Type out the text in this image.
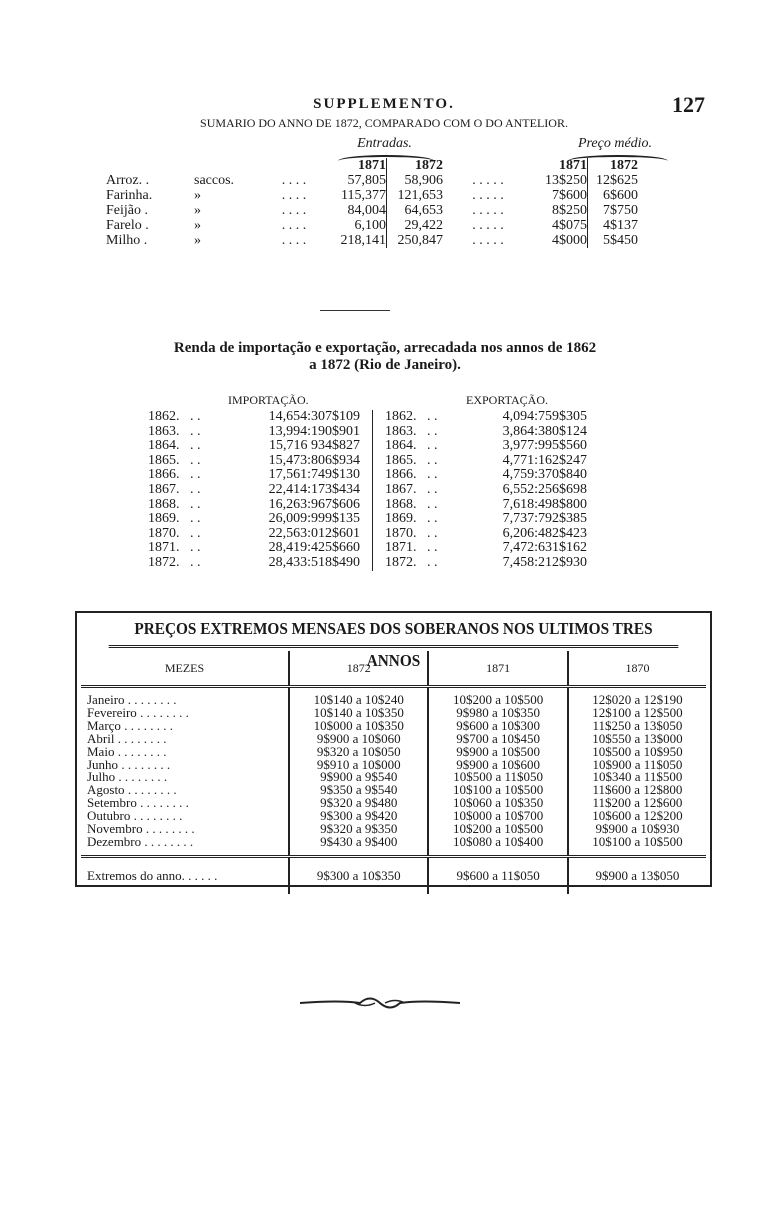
SUPPLEMENTO.	127
SUMARIO DO ANNO DE 1872, COMPARADO COM O DO ANTELIOR.
Entradas.	Preço médio.
			1871	1872		1871	1872
Arroz. .	saccos.	. . . .	57,805	58,906	. . . . .	13$250	12$625
Farinha.	»	. . . .	115,377	121,653	. . . . .	7$600	6$600
Feijão .	»	. . . .	84,004	64,653	. . . . .	8$250	7$750
Farelo .	»	. . . .	6,100	29,422	. . . . .	4$075	4$137
Milho .	»	. . . .	218,141	250,847	. . . . .	4$000	5$450
Renda de importação e exportação, arrecadada nos annos de 1862
a 1872 (Rio de Janeiro).
IMPORTAÇÃO.	EXPORTAÇÃO.
1862.	. .	14,654:307$109	1862.	. .	4,094:759$305
1863.	. .	13,994:190$901	1863.	. .	3,864:380$124
1864.	. .	15,716 934$827	1864.	. .	3,977:995$560
1865.	. .	15,473:806$934	1865.	. .	4,771:162$247
1866.	. .	17,561:749$130	1866.	. .	4,759:370$840
1867.	. .	22,414:173$434	1867.	. .	6,552:256$698
1868.	. .	16,263:967$606	1868.	. .	7,618:498$800
1869.	. .	26,009:999$135	1869.	. .	7,737:792$385
1870.	. .	22,563:012$601	1870.	. .	6,206:482$423
1871.	. .	28,419:425$660	1871.	. .	7,472:631$162
1872.	. .	28,433:518$490	1872.	. .	7,458:212$930
PREÇOS EXTREMOS MENSAES DOS SOBERANOS NOS ULTIMOS TRES ANNOS
MEZES	1872	1871	1870

Janeiro . . . . . . . .	10$140 a 10$240	10$200 a 10$500	12$020 a 12$190
Fevereiro . . . . . . . .	10$140 a 10$350	9$980 a 10$350	12$100 a 12$500
Março . . . . . . . .	10$000 a 10$350	9$600 a 10$300	11$250 a 13$050
Abril . . . . . . . .	9$900 a 10$060	9$700 a 10$450	10$550 a 13$000
Maio . . . . . . . .	9$320 a 10$050	9$900 a 10$500	10$500 a 10$950
Junho . . . . . . . .	9$910 a 10$000	9$900 a 10$600	10$900 a 11$050
Julho . . . . . . . .	9$900 a 9$540	10$500 a 11$050	10$340 a 11$500
Agosto . . . . . . . .	9$350 a 9$540	10$100 a 10$500	11$600 a 12$800
Setembro . . . . . . . .	9$320 a 9$480	10$060 a 10$350	11$200 a 12$600
Outubro . . . . . . . .	9$300 a 9$420	10$000 a 10$700	10$600 a 12$200
Novembro . . . . . . . .	9$320 a 9$350	10$200 a 10$500	9$900 a 10$930
Dezembro . . . . . . . .	9$430 a 9$400	10$080 a 10$400	10$100 a 10$500

Extremos do anno. . . . . .	9$300 a 10$350	9$600 a 11$050	9$900 a 13$050
